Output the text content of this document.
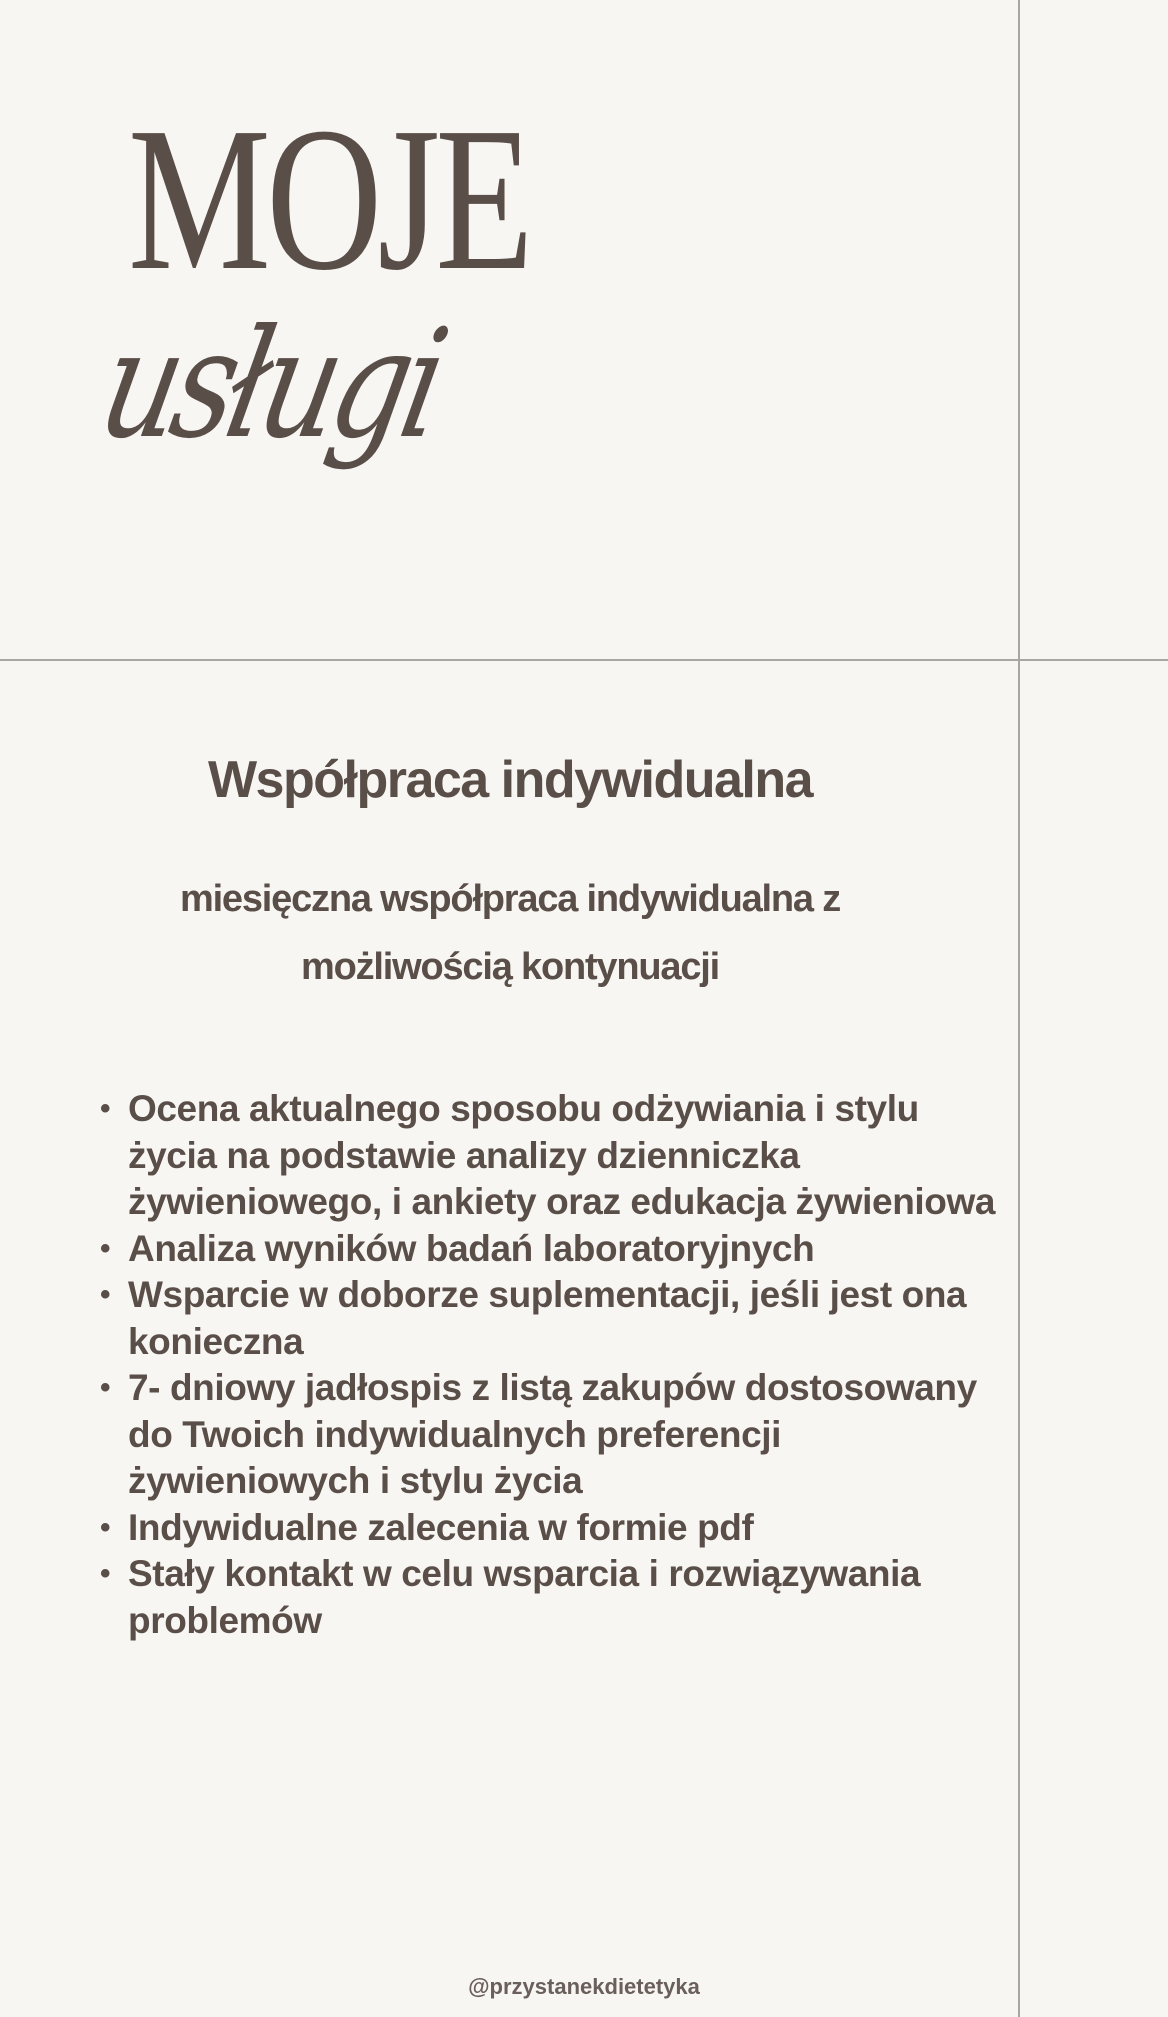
MOJE
usługi
Współpraca indywidualna

miesięczna współpraca indywidualna z możliwością kontynuacji

• Ocena aktualnego sposobu odżywiania i stylu życia na podstawie analizy dzienniczka żywieniowego, i ankiety oraz edukacja żywieniowa
• Analiza wyników badań laboratoryjnych
• Wsparcie w doborze suplementacji, jeśli jest ona konieczna
• 7- dniowy jadłospis z listą zakupów dostosowany do Twoich indywidualnych preferencji żywieniowych i stylu życia
• Indywidualne zalecenia w formie pdf
• Stały kontakt w celu wsparcia i rozwiązywania problemów

@przystanekdietetyka
